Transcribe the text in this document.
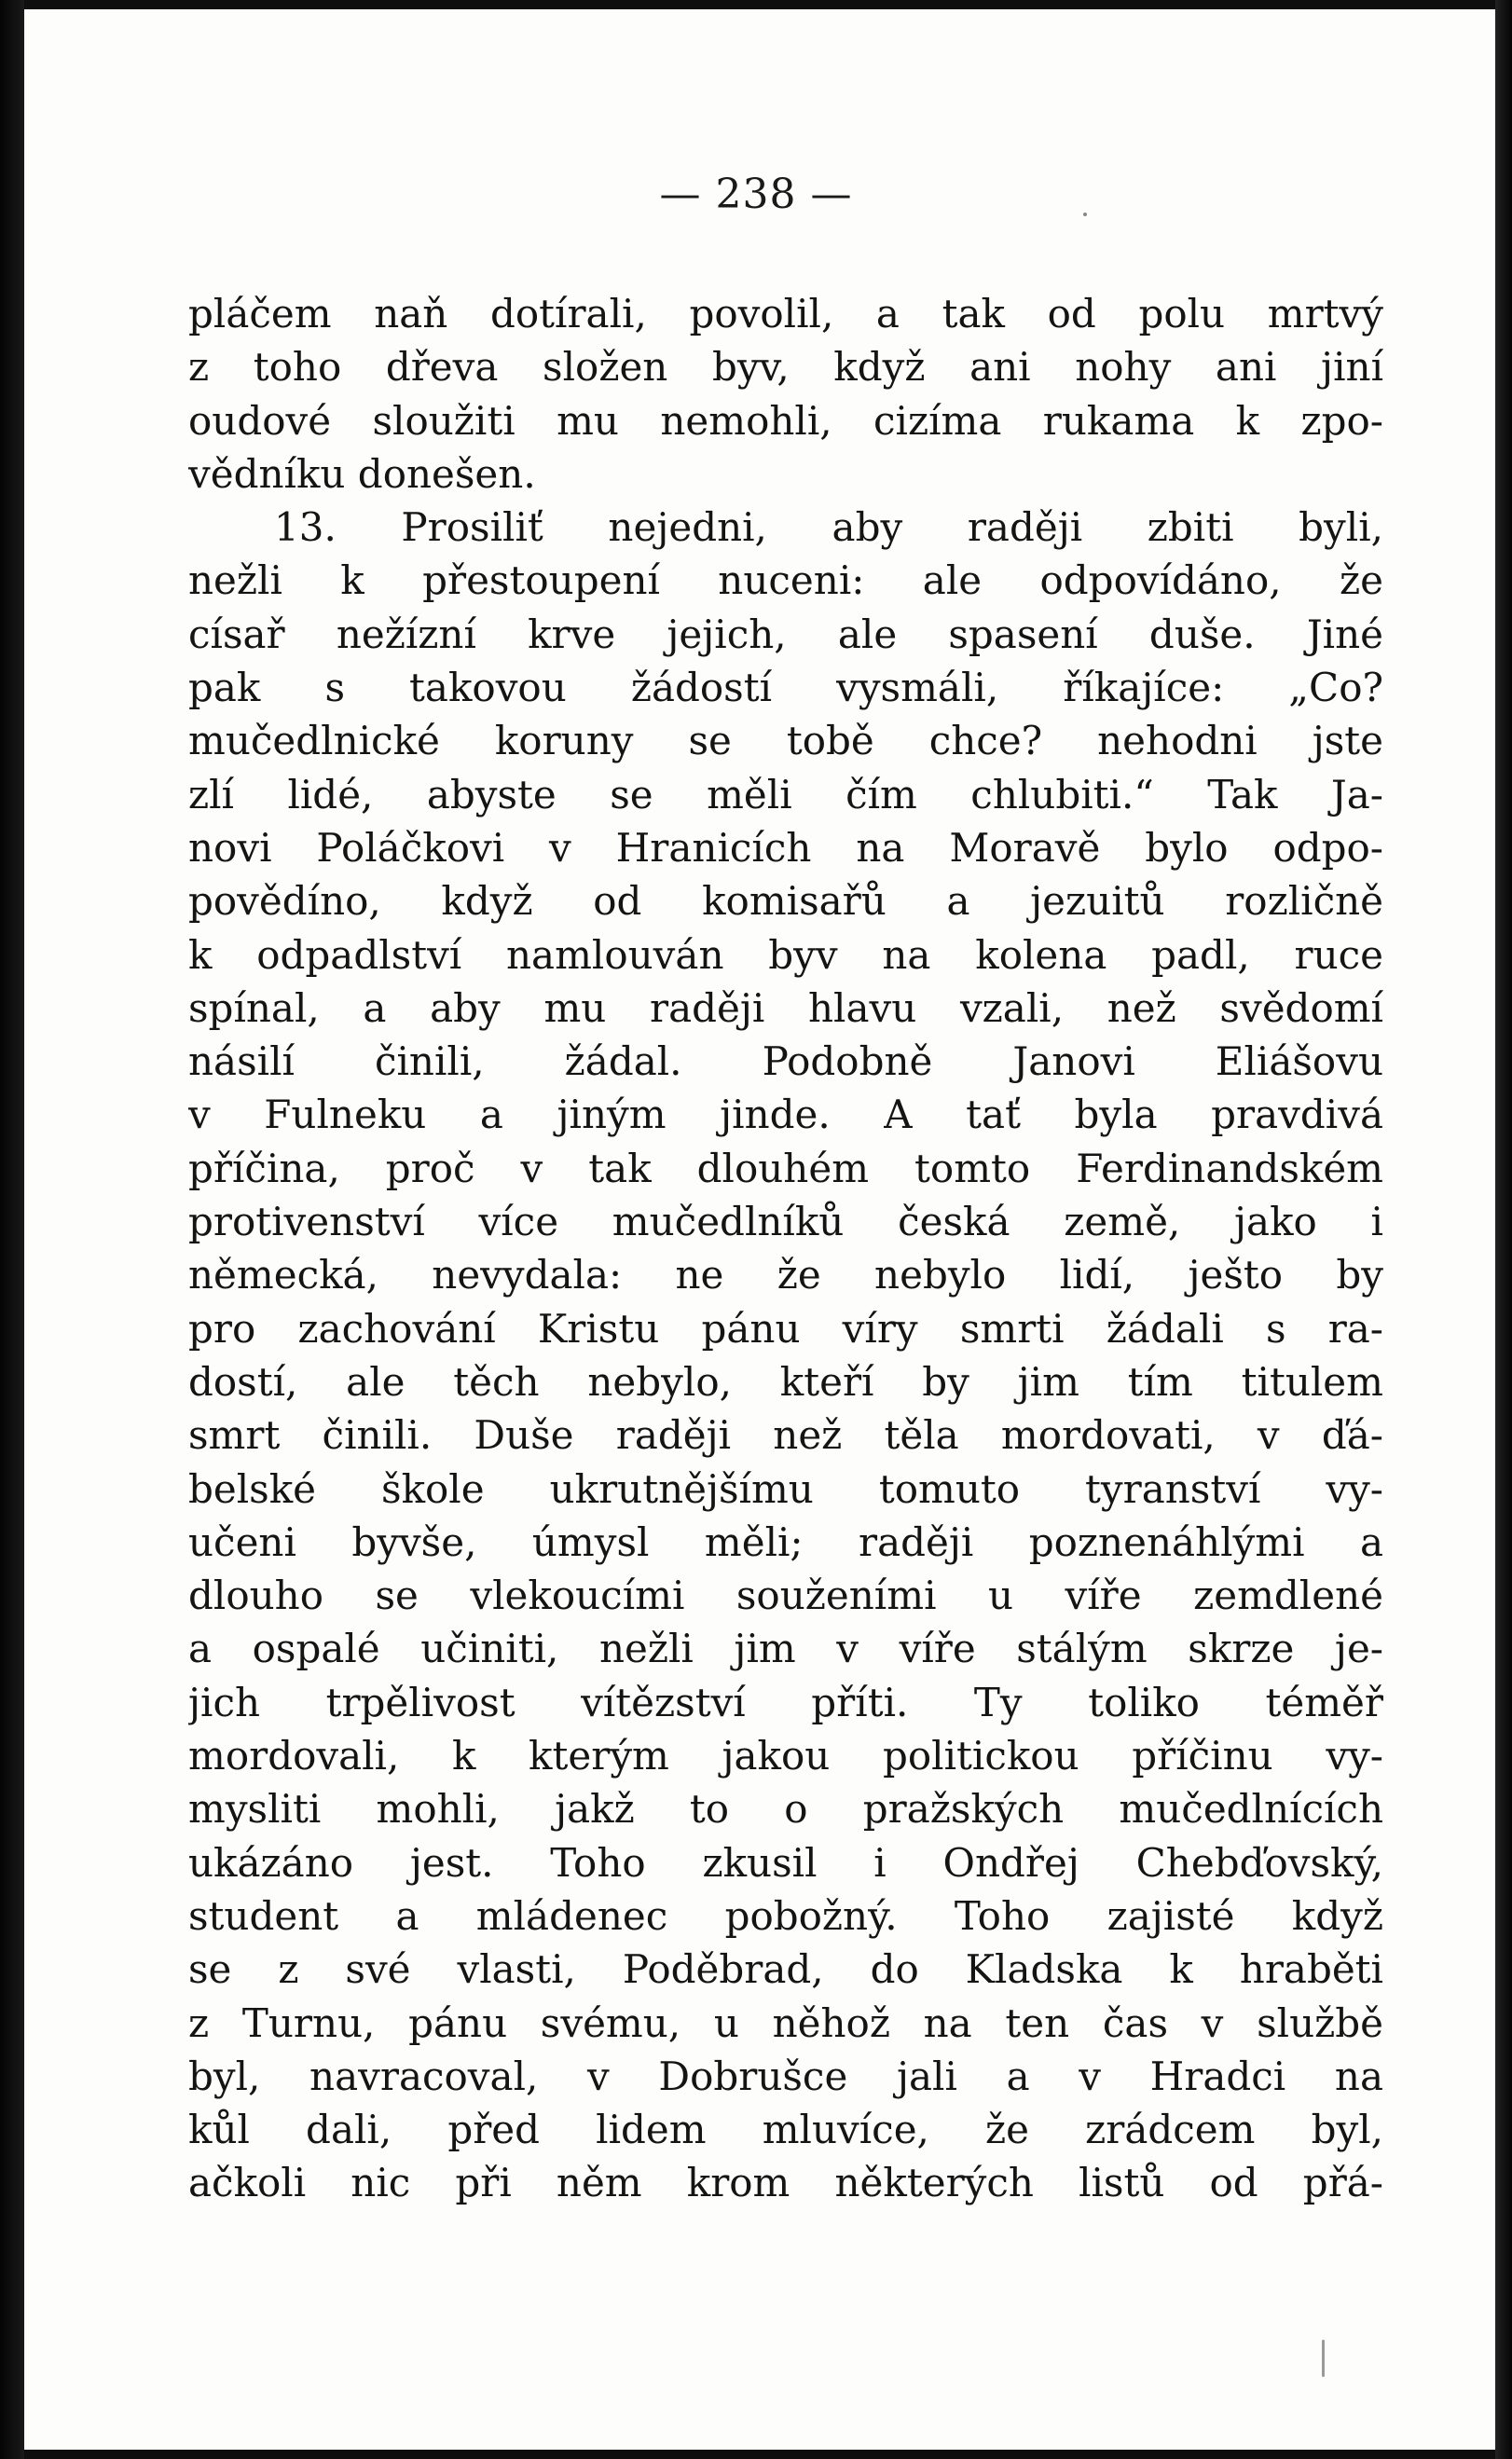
— 238 —
pláčem naň dotírali, povolil, a tak od polu mrtvý
z toho dřeva složen byv, když ani nohy ani jiní
oudové sloužiti mu nemohli, cizíma rukama k zpo-
vědníku donešen.
13. Prosiliť nejedni, aby raději zbiti byli,
nežli k přestoupení nuceni: ale odpovídáno, že
císař nežízní krve jejich, ale spasení duše. Jiné
pak s takovou žádostí vysmáli, říkajíce: „Co?
mučedlnické koruny se tobě chce? nehodni jste
zlí lidé, abyste se měli čím chlubiti.“ Tak Ja-
novi Poláčkovi v Hranicích na Moravě bylo odpo-
povědíno, když od komisařů a jezuitů rozličně
k odpadlství namlouván byv na kolena padl, ruce
spínal, a aby mu raději hlavu vzali, než svědomí
násilí činili, žádal. Podobně Janovi Eliášovu
v Fulneku a jiným jinde. A tať byla pravdivá
příčina, proč v tak dlouhém tomto Ferdinandském
protivenství více mučedlníků česká země, jako i
německá, nevydala: ne že nebylo lidí, ješto by
pro zachování Kristu pánu víry smrti žádali s ra-
dostí, ale těch nebylo, kteří by jim tím titulem
smrt činili. Duše raději než těla mordovati, v ďá-
belské škole ukrutnějšímu tomuto tyranství vy-
učeni byvše, úmysl měli; raději poznenáhlými a
dlouho se vlekoucími souženími u víře zemdlené
a ospalé učiniti, nežli jim v víře stálým skrze je-
jich trpělivost vítězství příti. Ty toliko téměř
mordovali, k kterým jakou politickou příčinu vy-
mysliti mohli, jakž to o pražských mučedlnících
ukázáno jest. Toho zkusil i Ondřej Chebďovský,
student a mládenec pobožný. Toho zajisté když
se z své vlasti, Poděbrad, do Kladska k hraběti
z Turnu, pánu svému, u něhož na ten čas v službě
byl, navracoval, v Dobrušce jali a v Hradci na
kůl dali, před lidem mluvíce, že zrádcem byl,
ačkoli nic při něm krom některých listů od přá-
